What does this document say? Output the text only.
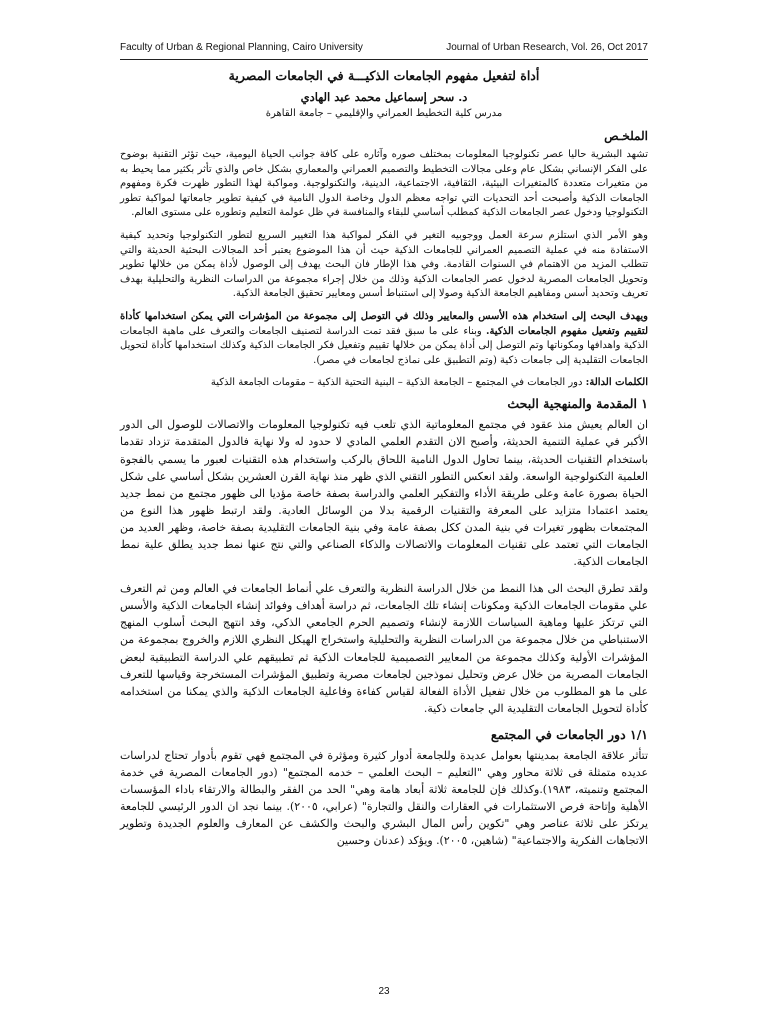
Faculty of Urban & Regional Planning, Cairo University	Journal of Urban Research, Vol. 26, Oct 2017
أداة لتفعيل مفهوم الجامعات الذكيـــة في الجامعات المصرية
د. سحر إسماعيل محمد عبد الهادي
مدرس كلية التخطيط العمراني والإقليمي – جامعة القاهرة
الملخـص

تشهد البشرية حاليا عصر تكنولوجيا المعلومات بمختلف صوره وآثاره على كافة جوانب الحياة اليومية، حيث تؤثر التقنية بوضوح على الفكر الإنساني بشكل عام وعلى مجالات التخطيط والتصميم العمراني والمعماري بشكل خاص والذي تأثر بكثير مما يحيط به من متغيرات متعددة كالمتغيرات البيئية، الثقافية، الاجتماعية، الدينية، والتكنولوجية. ومواكبة لهذا التطور ظهرت فكرة ومفهوم الجامعات الذكية وأصبحت أحد التحديات التي تواجه معظم الدول وخاصة الدول النامية في كيفية تطوير جامعاتها لمواكبة تطور التكنولوجيا ودخول عصر الجامعات الذكية كمطلب أساسي للبقاء والمنافسة في ظل عولمة التعليم وتطوره على مستوى العالم.

وهو الأمر الذي استلزم سرعة العمل ووجوبيه التغير في الفكر لمواكبة هذا التغيير السريع لتطور التكنولوجيا وتحديد كيفية الاستفادة منه في عملية التصميم العمراني للجامعات الذكية حيث أن هذا الموضوع يعتبر أحد المجالات البحثية الحديثة والتي تتطلب المزيد من الاهتمام في السنوات القادمة. وفي هذا الإطار فان البحث يهدف إلى الوصول لأداة يمكن من خلالها تطوير وتحويل الجامعات المصرية لدخول عصر الجامعات الذكية وذلك من خلال إجراء مجموعة من الدراسات النظرية والتحليلية بهدف تعريف وتحديد أسس ومفاهيم الجامعة الذكية وصولا إلى استنباط أسس ومعايير تحقيق الجامعة الذكية.

ويهدف البحث إلى استخدام هذه الأسس والمعايير وذلك في التوصل إلى مجموعة من المؤشرات التي يمكن استخدامها كأداة لتقييم وتفعيل مفهوم الجامعات الذكية. وبناء على ما سبق فقد تمت الدراسة لتصنيف الجامعات والتعرف على ماهية الجامعات الذكية واهدافها ومكوناتها وتم التوصل إلى أداة يمكن من خلالها تقييم وتفعيل فكر الجامعات الذكية وكذلك استخدامها كأداة لتحويل الجامعات التقليدية إلى جامعات ذكية (وتم التطبيق على نماذج لجامعات في مصر).

الكلمات الدالة: دور الجامعات في المجتمع – الجامعة الذكية – البنية التحتية الذكية – مقومات الجامعة الذكية

١ المقدمة والمنهجية البحث

ان العالم يعيش منذ عقود في مجتمع المعلوماتية الذي تلعب فيه تكنولوجيا المعلومات والاتصالات للوصول الى الدور الأكبر في عملية التنمية الحديثة، وأصبح الان التقدم العلمي المادي لا حدود له ولا نهاية فالدول المتقدمة تزداد تقدما باستخدام التقنيات الحديثة، بينما تحاول الدول النامية اللحاق بالركب واستخدام هذه التقنيات لعبور ما يسمي بالفجوة العلمية التكنولوجية الواسعة. ولقد انعكس التطور التقني الذي ظهر منذ نهاية القرن العشرين بشكل أساسي على شكل الحياة بصورة عامة وعلى طريقة الأداء والتفكير العلمي والدراسة بصفة خاصة مؤديا الى ظهور مجتمع من نمط جديد يعتمد اعتمادا متزايد على المعرفة والتقنيات الرقمية بدلا من الوسائل العادية. ولقد ارتبط ظهور هذا النوع من المجتمعات بظهور تغيرات في بنية المدن ككل بصفة عامة وفي بنية الجامعات التقليدية بصفة خاصة، وظهر العديد من الجامعات التي تعتمد على تقنيات المعلومات والاتصالات والذكاء الصناعي والتي نتج عنها نمط جديد يطلق علية نمط الجامعات الذكية.

ولقد تطرق البحث الى هذا النمط من خلال الدراسة النظرية والتعرف علي أنماط الجامعات في العالم ومن ثم التعرف علي مقومات الجامعات الذكية ومكونات إنشاء تلك الجامعات، ثم دراسة أهداف وفوائد إنشاء الجامعات الذكية والأسس التي ترتكز عليها وماهية السياسات اللازمة لإنشاء وتصميم الحرم الجامعي الذكي، وقد انتهج البحث أسلوب المنهج الاستنباطي من خلال مجموعة من الدراسات النظرية والتحليلية واستخراج الهيكل النظري اللازم والخروج بمجموعة من المؤشرات الأولية وكذلك مجموعة من المعايير التصميمية للجامعات الذكية ثم تطبيقهم علي الدراسة التطبيقية لبعض الجامعات المصرية من خلال عرض وتحليل نموذجين لجامعات مصرية وتطبيق المؤشرات المستخرجة وقياسها للتعرف على ما هو المطلوب من خلال تفعيل الأداة الفعالة لقياس كفاءة وفاعلية الجامعات الذكية والذي يمكنا من استخدامه كأداة لتحويل الجامعات التقليدية الي جامعات ذكية.

١/١ دور الجامعات في المجتمع

تتأثر علاقة الجامعة بمدينتها بعوامل عديدة وللجامعة أدوار كثيرة ومؤثرة في المجتمع فهي تقوم بأدوار تحتاج لدراسات عديده متمثلة فى ثلاثة محاور وهي "التعليم – البحث العلمي – خدمه المجتمع" (دور الجامعات المصرية في خدمة المجتمع وتنميته، ١٩٨٣).وكذلك فإن للجامعة ثلاثة أبعاد هامة وهي" الحد من الفقر والبطالة والارتقاء باداء المؤسسات الأهلية وإتاحة فرص الاستثمارات في العقارات والنقل والتجارة" (عرابي، ٢٠٠٥). بينما نجد ان الدور الرئيسي للجامعة يرتكز على ثلاثة عناصر وهي "تكوين رأس المال البشري والبحث والكشف عن المعارف والعلوم الجديدة وتطوير الاتجاهات الفكرية والاجتماعية" (شاهين، ٢٠٠٥). ويؤكد (عدنان وحسين

23
